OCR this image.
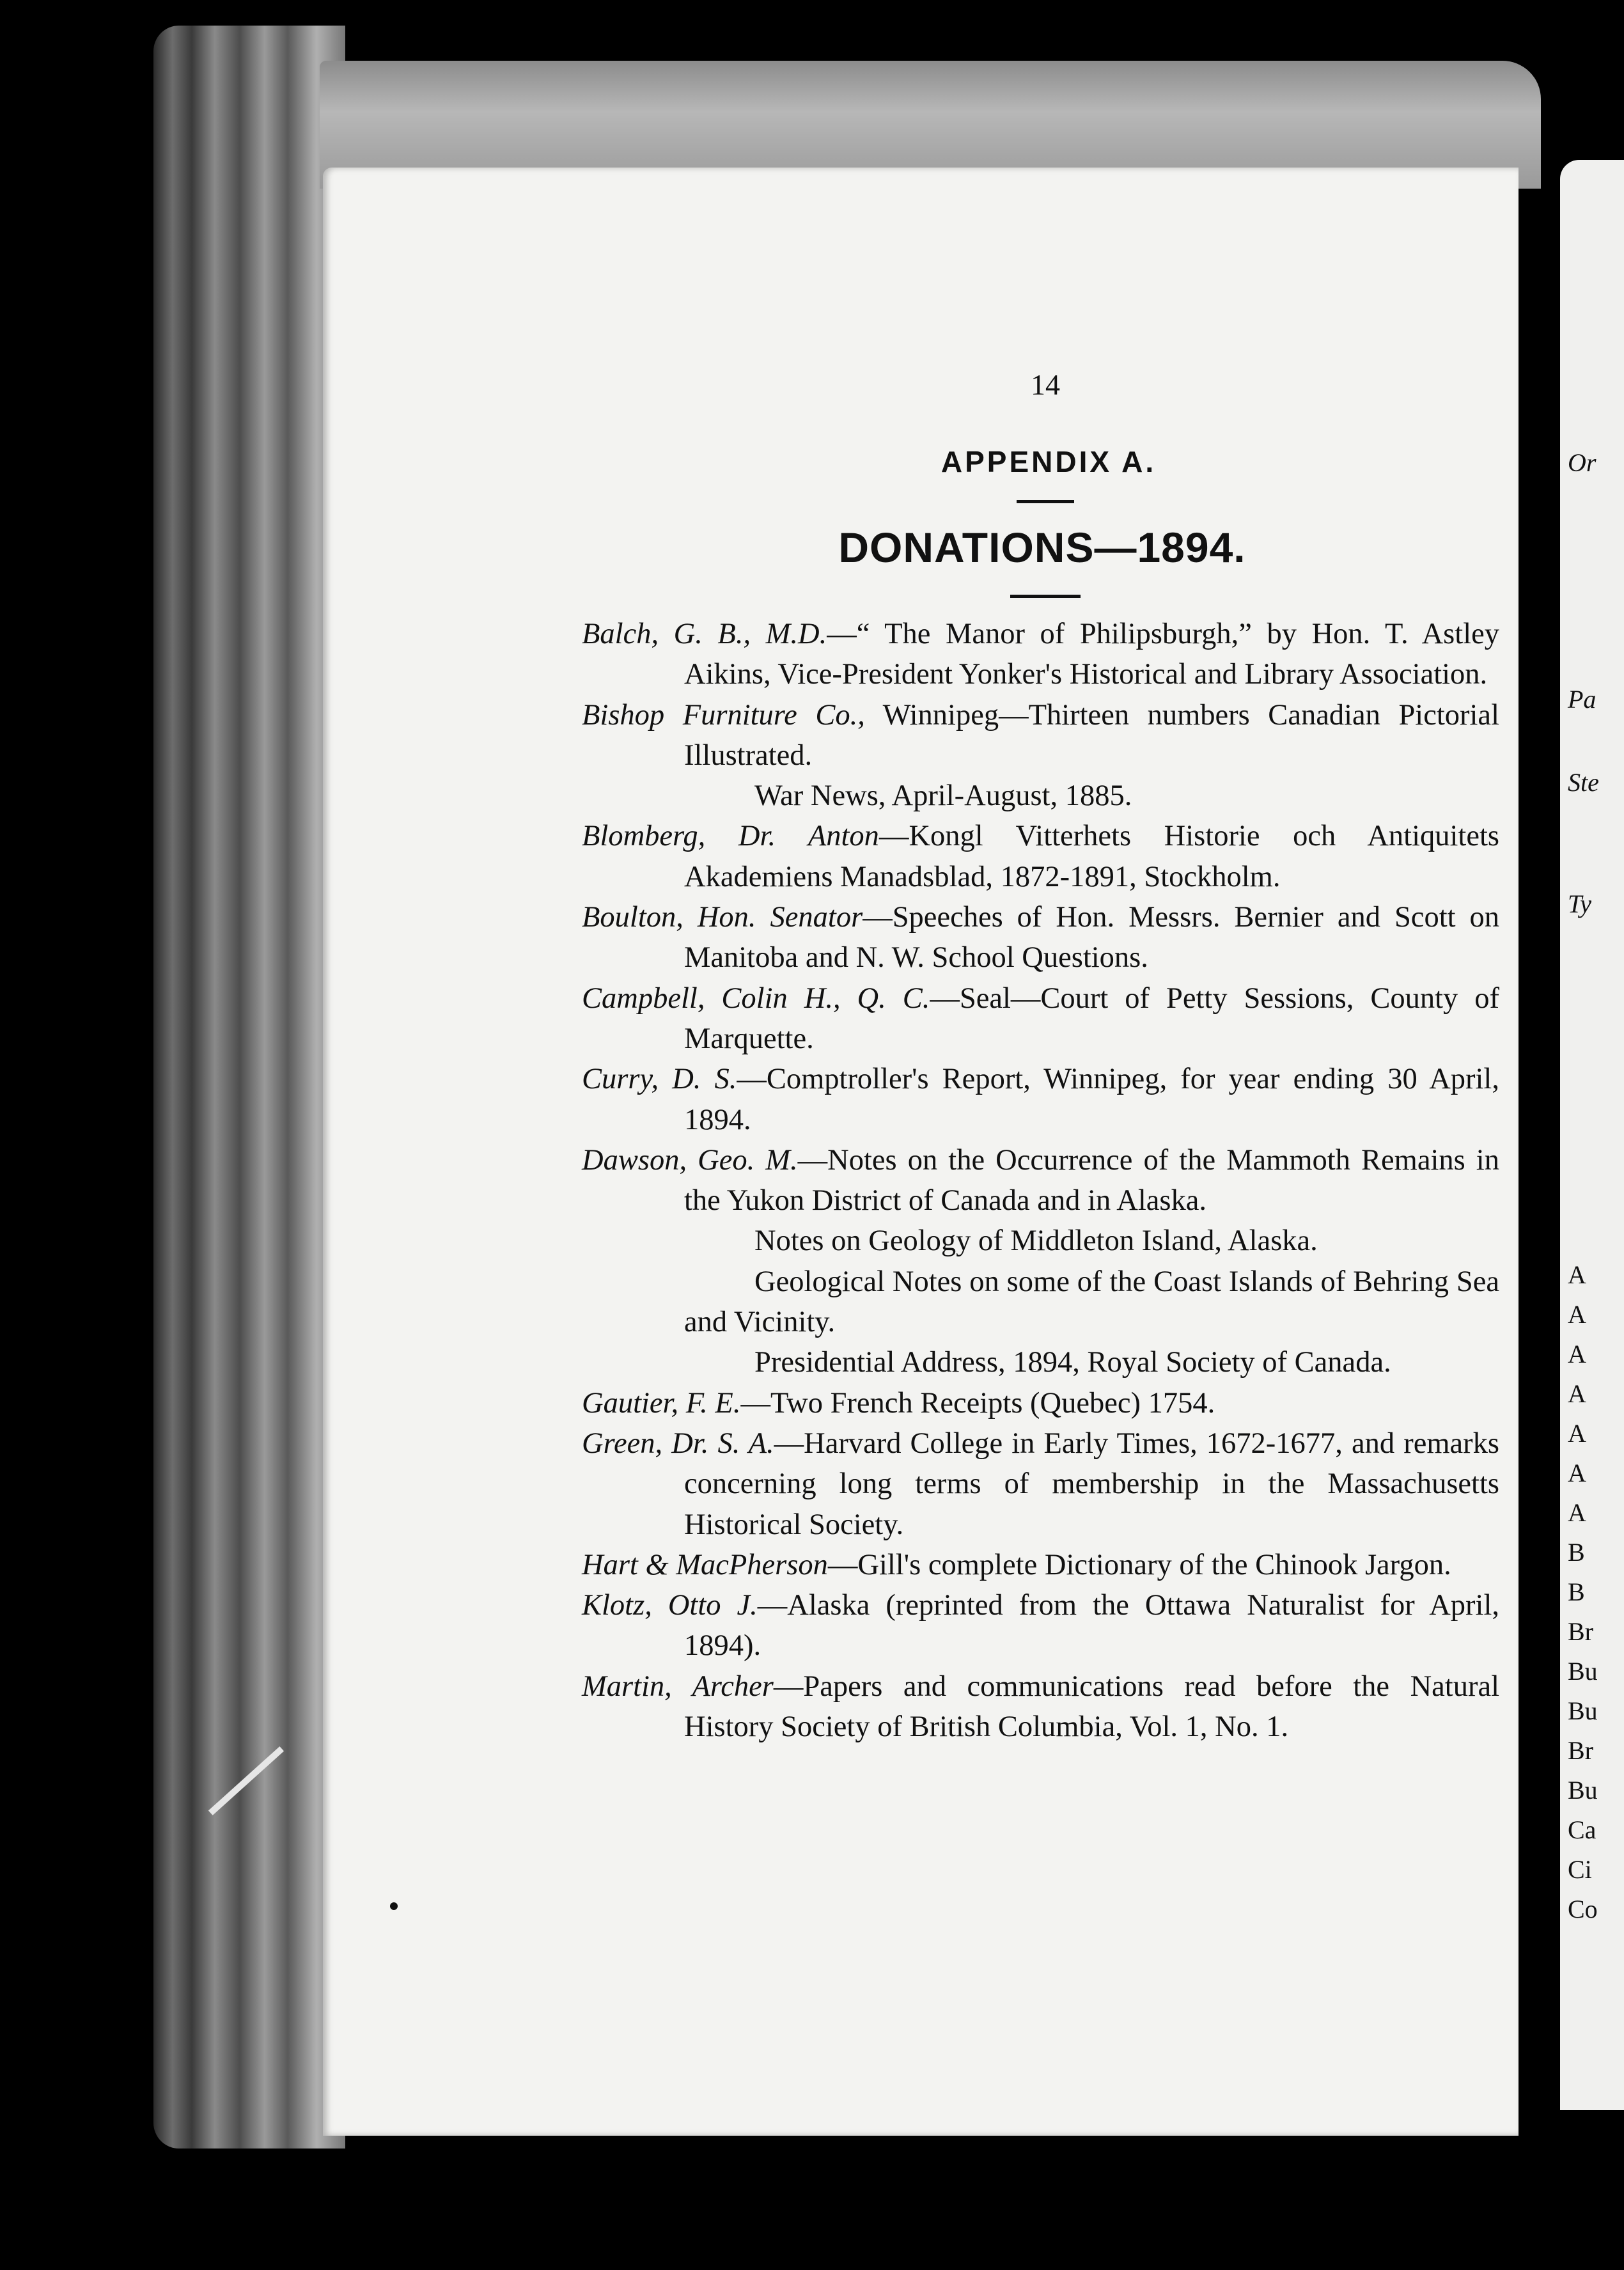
Or
Pa
Ste
Ty
A
A
A
A
A
A
A
B
B
Br
Bu
Bu
Br
Bu
Ca
Ci
Co
14
APPENDIX A.
DONATIONS—1894.
Balch, G. B., M.D.—“ The Manor of Philipsburgh,” by Hon. T. Astley Aikins, Vice-President Yonker's Historical and Library Association.
Bishop Furniture Co., Winnipeg—Thirteen numbers Canadian Pictorial Illustrated.
War News, April-August, 1885.
Blomberg, Dr. Anton—Kongl Vitterhets Historie och Antiquitets Akademiens Manadsblad, 1872-1891, Stockholm.
Boulton, Hon. Senator—Speeches of Hon. Messrs. Bernier and Scott on Manitoba and N. W. School Questions.
Campbell, Colin H., Q. C.—Seal—Court of Petty Sessions, County of Marquette.
Curry, D. S.—Comptroller's Report, Winnipeg, for year ending 30 April, 1894.
Dawson, Geo. M.—Notes on the Occurrence of the Mammoth Remains in the Yukon District of Canada and in Alaska.
Notes on Geology of Middleton Island, Alaska.
Geological Notes on some of the Coast Islands of Behring Sea and Vicinity.
Presidential Address, 1894, Royal Society of Canada.
Gautier, F. E.—Two French Receipts (Quebec) 1754.
Green, Dr. S. A.—Harvard College in Early Times, 1672-1677, and remarks concerning long terms of membership in the Massachusetts Historical Society.
Hart & MacPherson—Gill's complete Dictionary of the Chinook Jargon.
Klotz, Otto J.—Alaska (reprinted from the Ottawa Naturalist for April, 1894).
Martin, Archer—Papers and communications read before the Natural History Society of British Columbia, Vol. 1, No. 1.
